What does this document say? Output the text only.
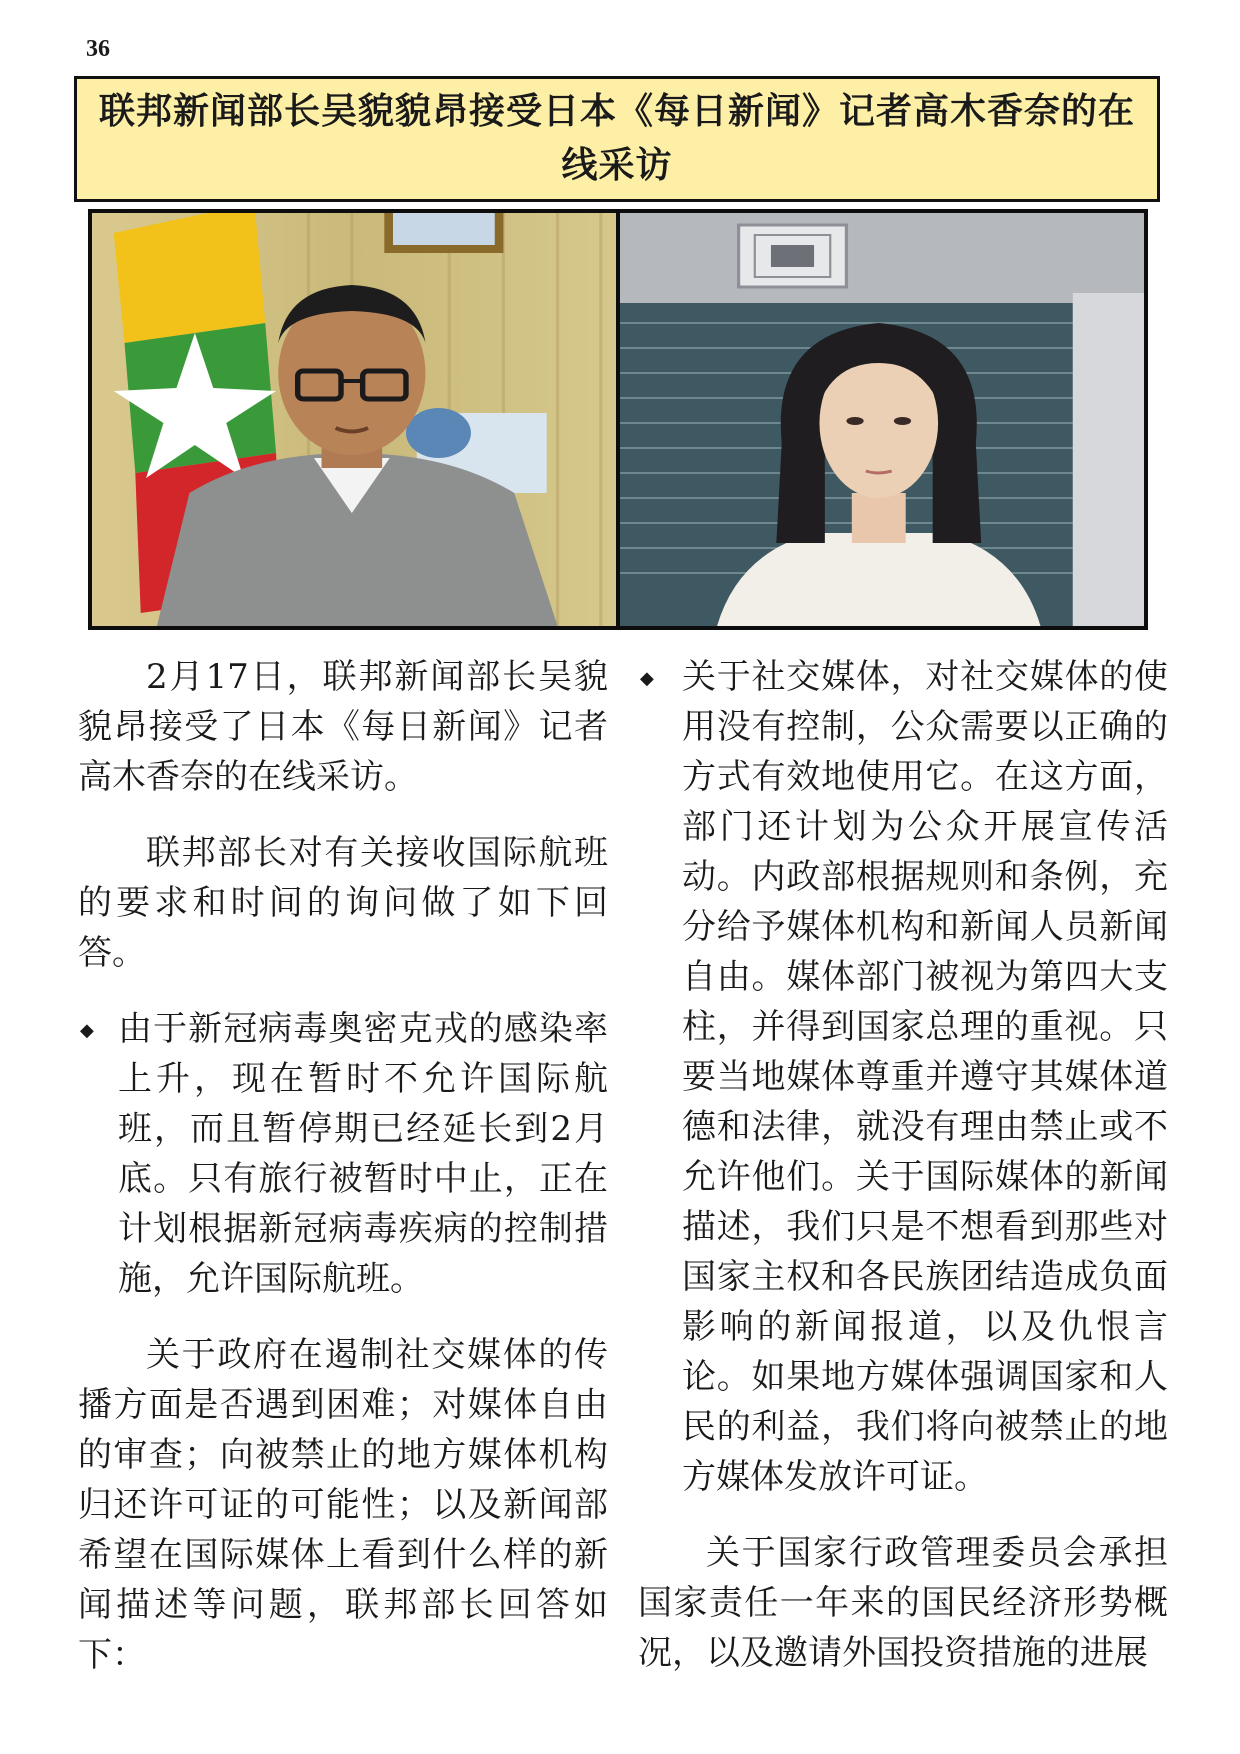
36
联邦新闻部长吴貌貌昂接受日本《每日新闻》记者高木香奈的在线采访

2月17日，联邦新闻部长吴貌貌昂接受了日本《每日新闻》记者高木香奈的在线采访。

联邦部长对有关接收国际航班的要求和时间的询问做了如下回答。

◆ 由于新冠病毒奥密克戎的感染率上升，现在暂时不允许国际航班，而且暂停期已经延长到2月底。只有旅行被暂时中止，正在计划根据新冠病毒疾病的控制措施，允许国际航班。

关于政府在遏制社交媒体的传播方面是否遇到困难；对媒体自由的审查；向被禁止的地方媒体机构归还许可证的可能性；以及新闻部希望在国际媒体上看到什么样的新闻描述等问题，联邦部长回答如下：

◆ 关于社交媒体，对社交媒体的使用没有控制，公众需要以正确的方式有效地使用它。在这方面，部门还计划为公众开展宣传活动。内政部根据规则和条例，充分给予媒体机构和新闻人员新闻自由。媒体部门被视为第四大支柱，并得到国家总理的重视。只要当地媒体尊重并遵守其媒体道德和法律，就没有理由禁止或不允许他们。关于国际媒体的新闻描述，我们只是不想看到那些对国家主权和各民族团结造成负面影响的新闻报道，以及仇恨言论。如果地方媒体强调国家和人民的利益，我们将向被禁止的地方媒体发放许可证。

关于国家行政管理委员会承担国家责任一年来的国民经济形势概况，以及邀请外国投资措施的进展
